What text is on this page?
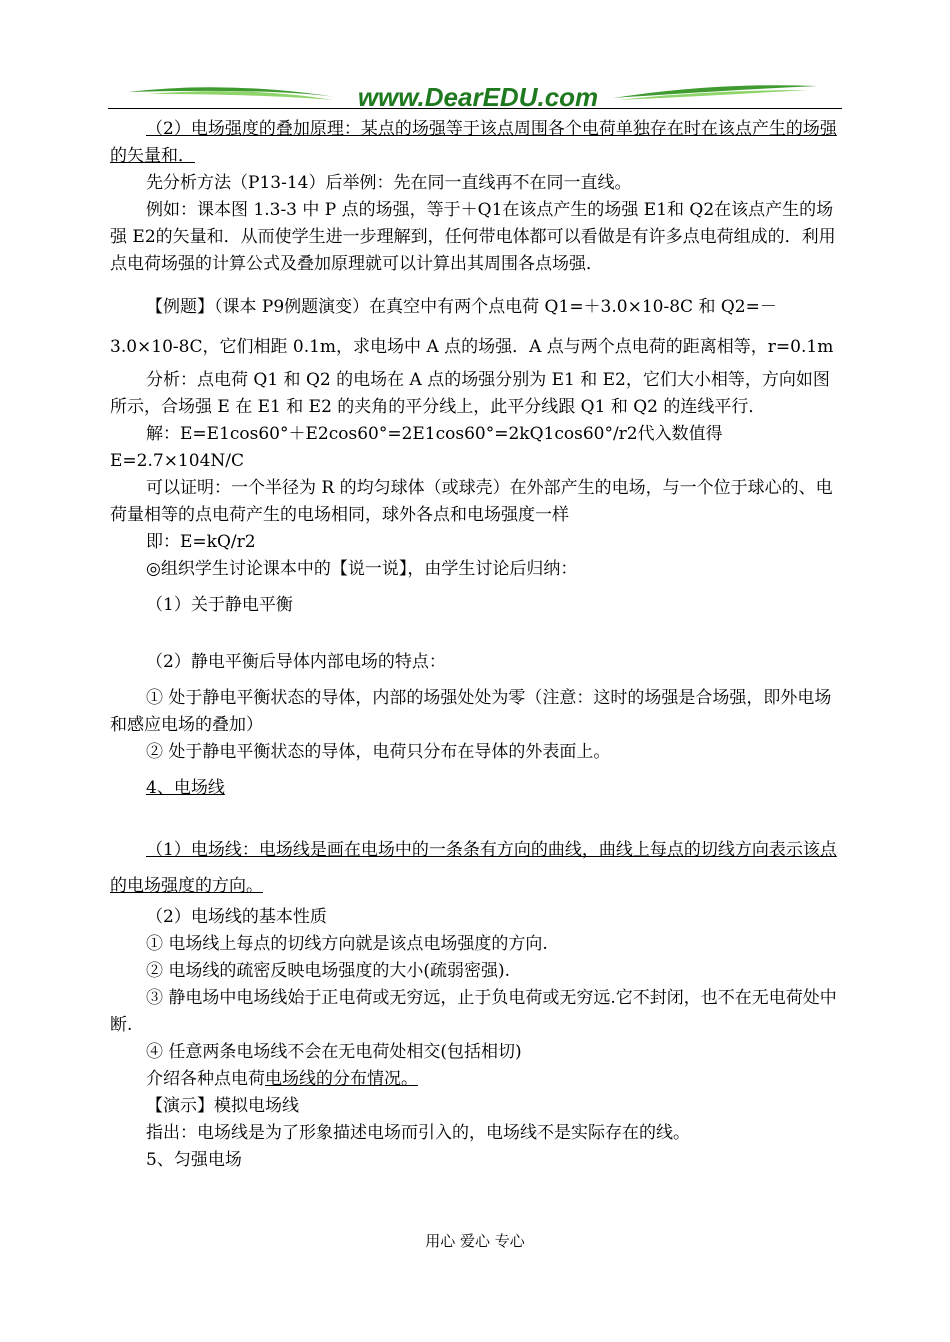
www.DearEDU.com

（2）电场强度的叠加原理：某点的场强等于该点周围各个电荷单独存在时在该点产生的场强的矢量和．

先分析方法（P13-14）后举例：先在同一直线再不在同一直线。

例如：课本图 1.3-3 中 P 点的场强，等于＋Q1在该点产生的场强 E1和 Q2在该点产生的场强 E2的矢量和．从而使学生进一步理解到，任何带电体都可以看做是有许多点电荷组成的．利用点电荷场强的计算公式及叠加原理就可以计算出其周围各点场强．

【例题】（课本 P9例题演变）在真空中有两个点电荷 Q1=＋3.0×10-8C 和 Q2=－3.0×10-8C，它们相距 0.1m，求电场中 A 点的场强．A 点与两个点电荷的距离相等，r=0.1m

分析：点电荷 Q1 和 Q2 的电场在 A 点的场强分别为 E1 和 E2，它们大小相等，方向如图所示，合场强 E 在 E1 和 E2 的夹角的平分线上，此平分线跟 Q1 和 Q2 的连线平行．

解：E=E1cos60°＋E2cos60°=2E1cos60°=2kQ1cos60°/r2代入数值得 E=2.7×104N/C

可以证明：一个半径为 R 的均匀球体（或球壳）在外部产生的电场，与一个位于球心的、电荷量相等的点电荷产生的电场相同，球外各点和电场强度一样

即：E=kQ/r2

◎组织学生讨论课本中的【说一说】，由学生讨论后归纳：

（1）关于静电平衡

（2）静电平衡后导体内部电场的特点：

① 处于静电平衡状态的导体，内部的场强处处为零（注意：这时的场强是合场强，即外电场和感应电场的叠加）

② 处于静电平衡状态的导体，电荷只分布在导体的外表面上。

4、电场线

（1）电场线：电场线是画在电场中的一条条有方向的曲线，曲线上每点的切线方向表示该点的电场强度的方向。

（2）电场线的基本性质

① 电场线上每点的切线方向就是该点电场强度的方向.

② 电场线的疏密反映电场强度的大小(疏弱密强).

③ 静电场中电场线始于正电荷或无穷远，止于负电荷或无穷远.它不封闭，也不在无电荷处中断.

④ 任意两条电场线不会在无电荷处相交(包括相切)

介绍各种点电荷电场线的分布情况。

【演示】模拟电场线

指出：电场线是为了形象描述电场而引入的，电场线不是实际存在的线。

5、匀强电场

用心 爱心 专心
